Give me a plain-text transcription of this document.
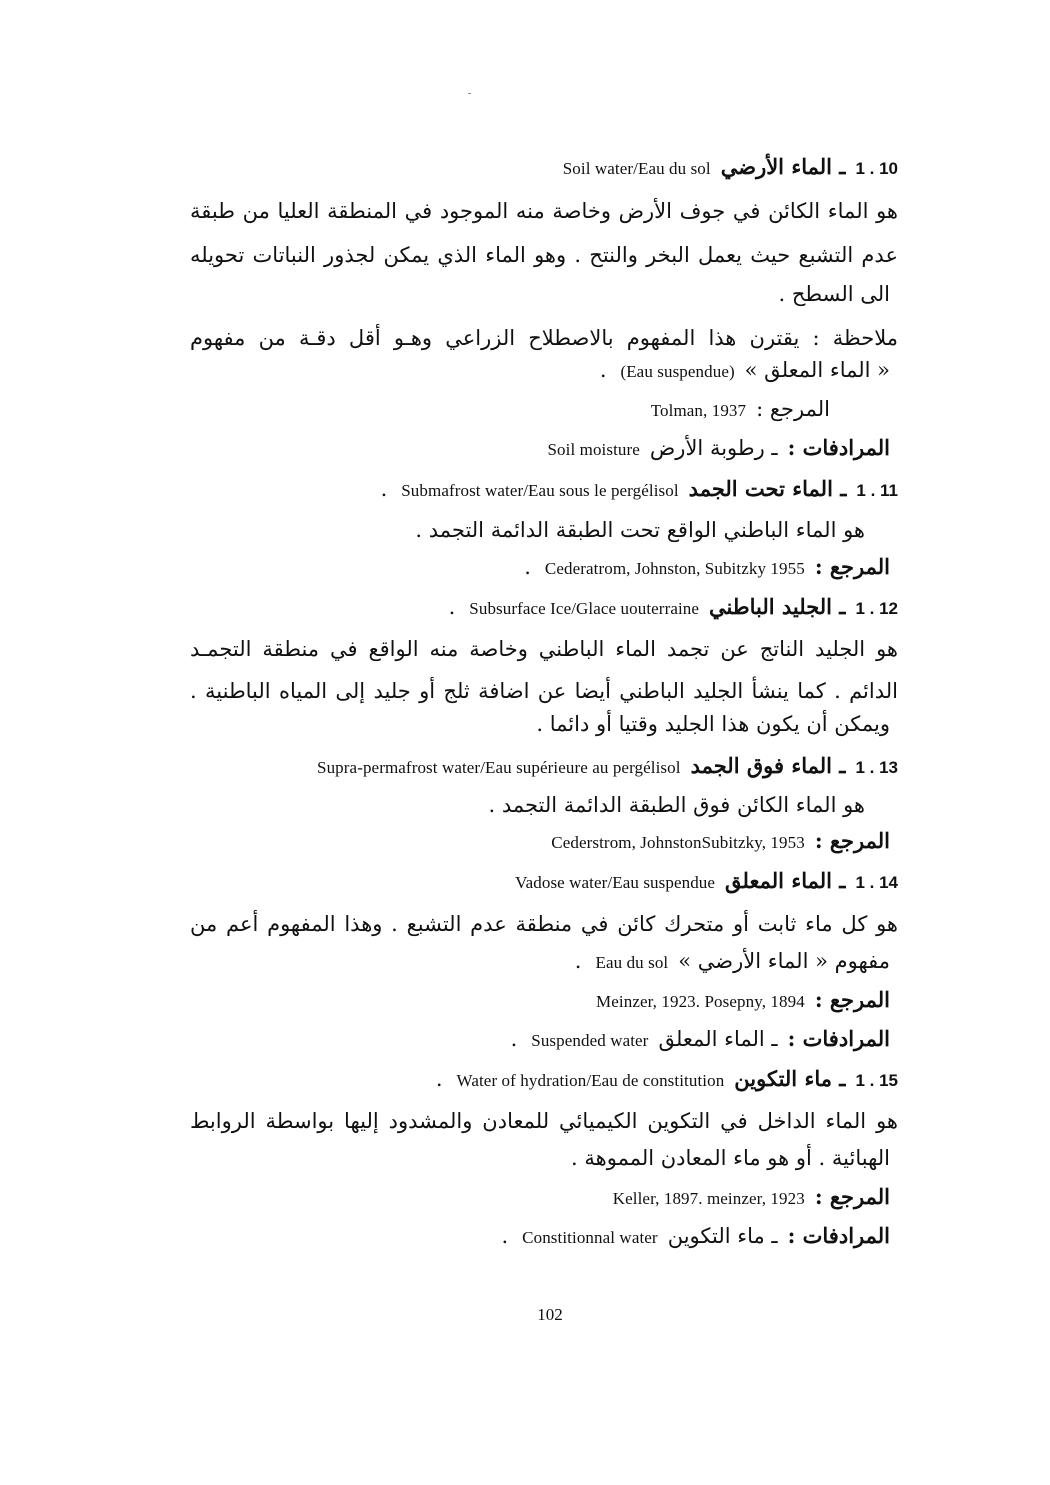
1 . 10ـ الماء الأرضيSoil water/Eau du sol
هو الماء الكائن في جوف الأرض وخاصة منه الموجود في المنطقة العليا من طبقة
عدم التشبع حيث يعمل البخر والنتح . وهو الماء الذي يمكن لجذور النباتات تحويله
الى السطح .
ملاحظة : يقترن هذا المفهوم بالاصطلاح الزراعي وهـو أقل دقـة من مفهوم
« الماء المعلق »(Eau suspendue).
المرجع :Tolman, 1937
المرادفات :ـ رطوبة الأرضSoil moisture
1 . 11ـ الماء تحت الجمدSubmafrost water/Eau sous le pergélisol.
هو الماء الباطني الواقع تحت الطبقة الدائمة التجمد .
المرجع :Cederatrom, Johnston, Subitzky 1955.
1 . 12ـ الجليد الباطنيSubsurface Ice/Glace uouterraine.
هو الجليد الناتج عن تجمد الماء الباطني وخاصة منه الواقع في منطقة التجمـد
الدائم . كما ينشأ الجليد الباطني أيضا عن اضافة ثلج أو جليد إلى المياه الباطنية .
ويمكن أن يكون هذا الجليد وقتيا أو دائما .
1 . 13ـ الماء فوق الجمدSupra-permafrost water/Eau supérieure au pergélisol
هو الماء الكائن فوق الطبقة الدائمة التجمد .
المرجع :Cederstrom, JohnstonSubitzky, 1953
1 . 14ـ الماء المعلقVadose water/Eau suspendue
هو كل ماء ثابت أو متحرك كائن في منطقة عدم التشبع . وهذا المفهوم أعم من
مفهوم « الماء الأرضي »Eau du sol.
المرجع :Meinzer, 1923. Posepny, 1894
المرادفات :ـ الماء المعلقSuspended water.
1 . 15ـ ماء التكوينWater of hydration/Eau de constitution.
هو الماء الداخل في التكوين الكيميائي للمعادن والمشدود إليها بواسطة الروابط
الهبائية . أو هو ماء المعادن المموهة .
المرجع :Keller, 1897. meinzer, 1923
المرادفات :ـ ماء التكوينConstitionnal water.
102
